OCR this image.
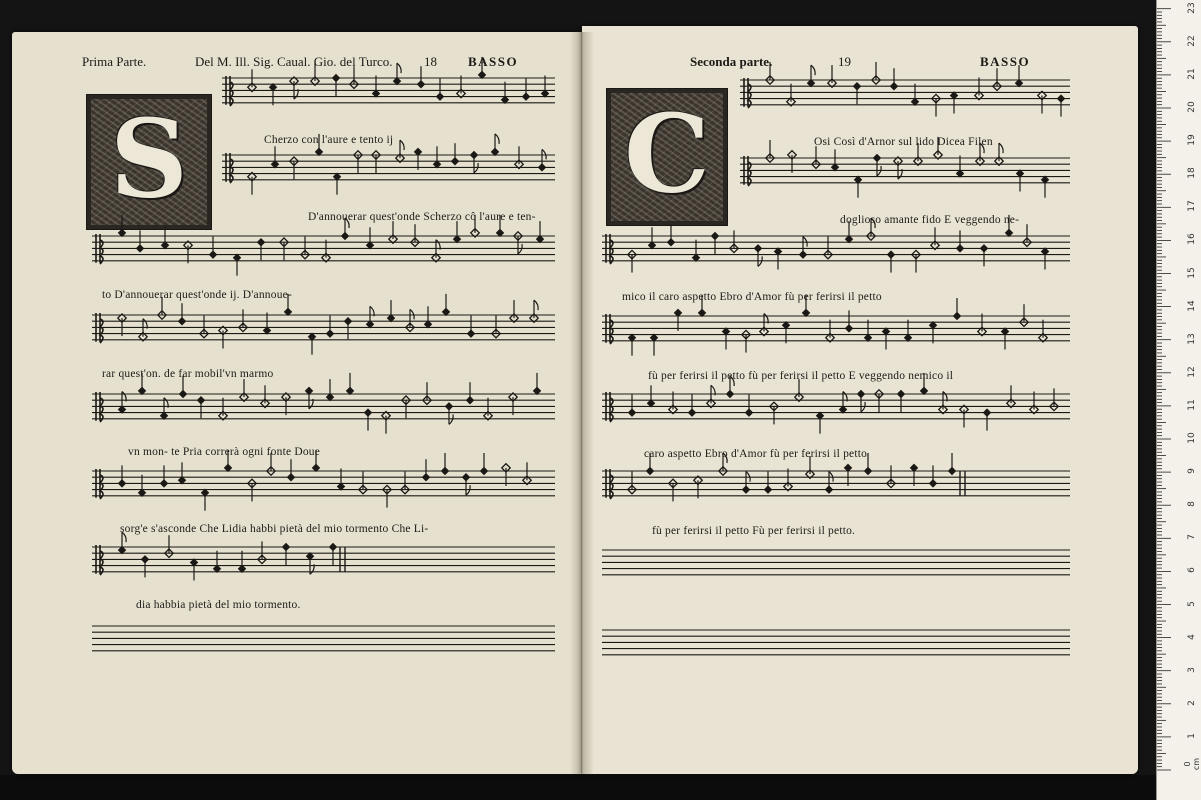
Prima Parte.	Del M. Ill. Sig. Caual. Gio. del Turco. 18 BASSO
S	Cherzo con l'aure e tento ij
D'annouerar quest'onde Scherzo cô l'aure e ten-
to D'annouerar quest'onde ij. D'annoue-
rar quest'on. de far mobil'vn marmo
vn mon- te Pria correrà ogni fonte Doue
sorg'e s'asconde Che Lidia habbi pietà del mio tormento Che Li-
dia habbia pietà del mio tormento.
Seconda parte.	19	BASSO
C	Osi Così d'Arnor sul lido Dicea Filen
dogliosο amante fido E veggendo ne-
mico il caro aspetto Ebro d'Amor fù per ferirsi il petto
fù per ferirsi il petto fù per ferirsi il petto E veggendo nemico il
caro aspetto Ebro d'Amor fù per ferirsi il petto
fù per ferirsi il petto Fù per ferirsi il petto.
0 cm
1
2
3
4
5
6
7
8
9
10
11
12
13
14
15
16
17
18
19
20
21
22
23
